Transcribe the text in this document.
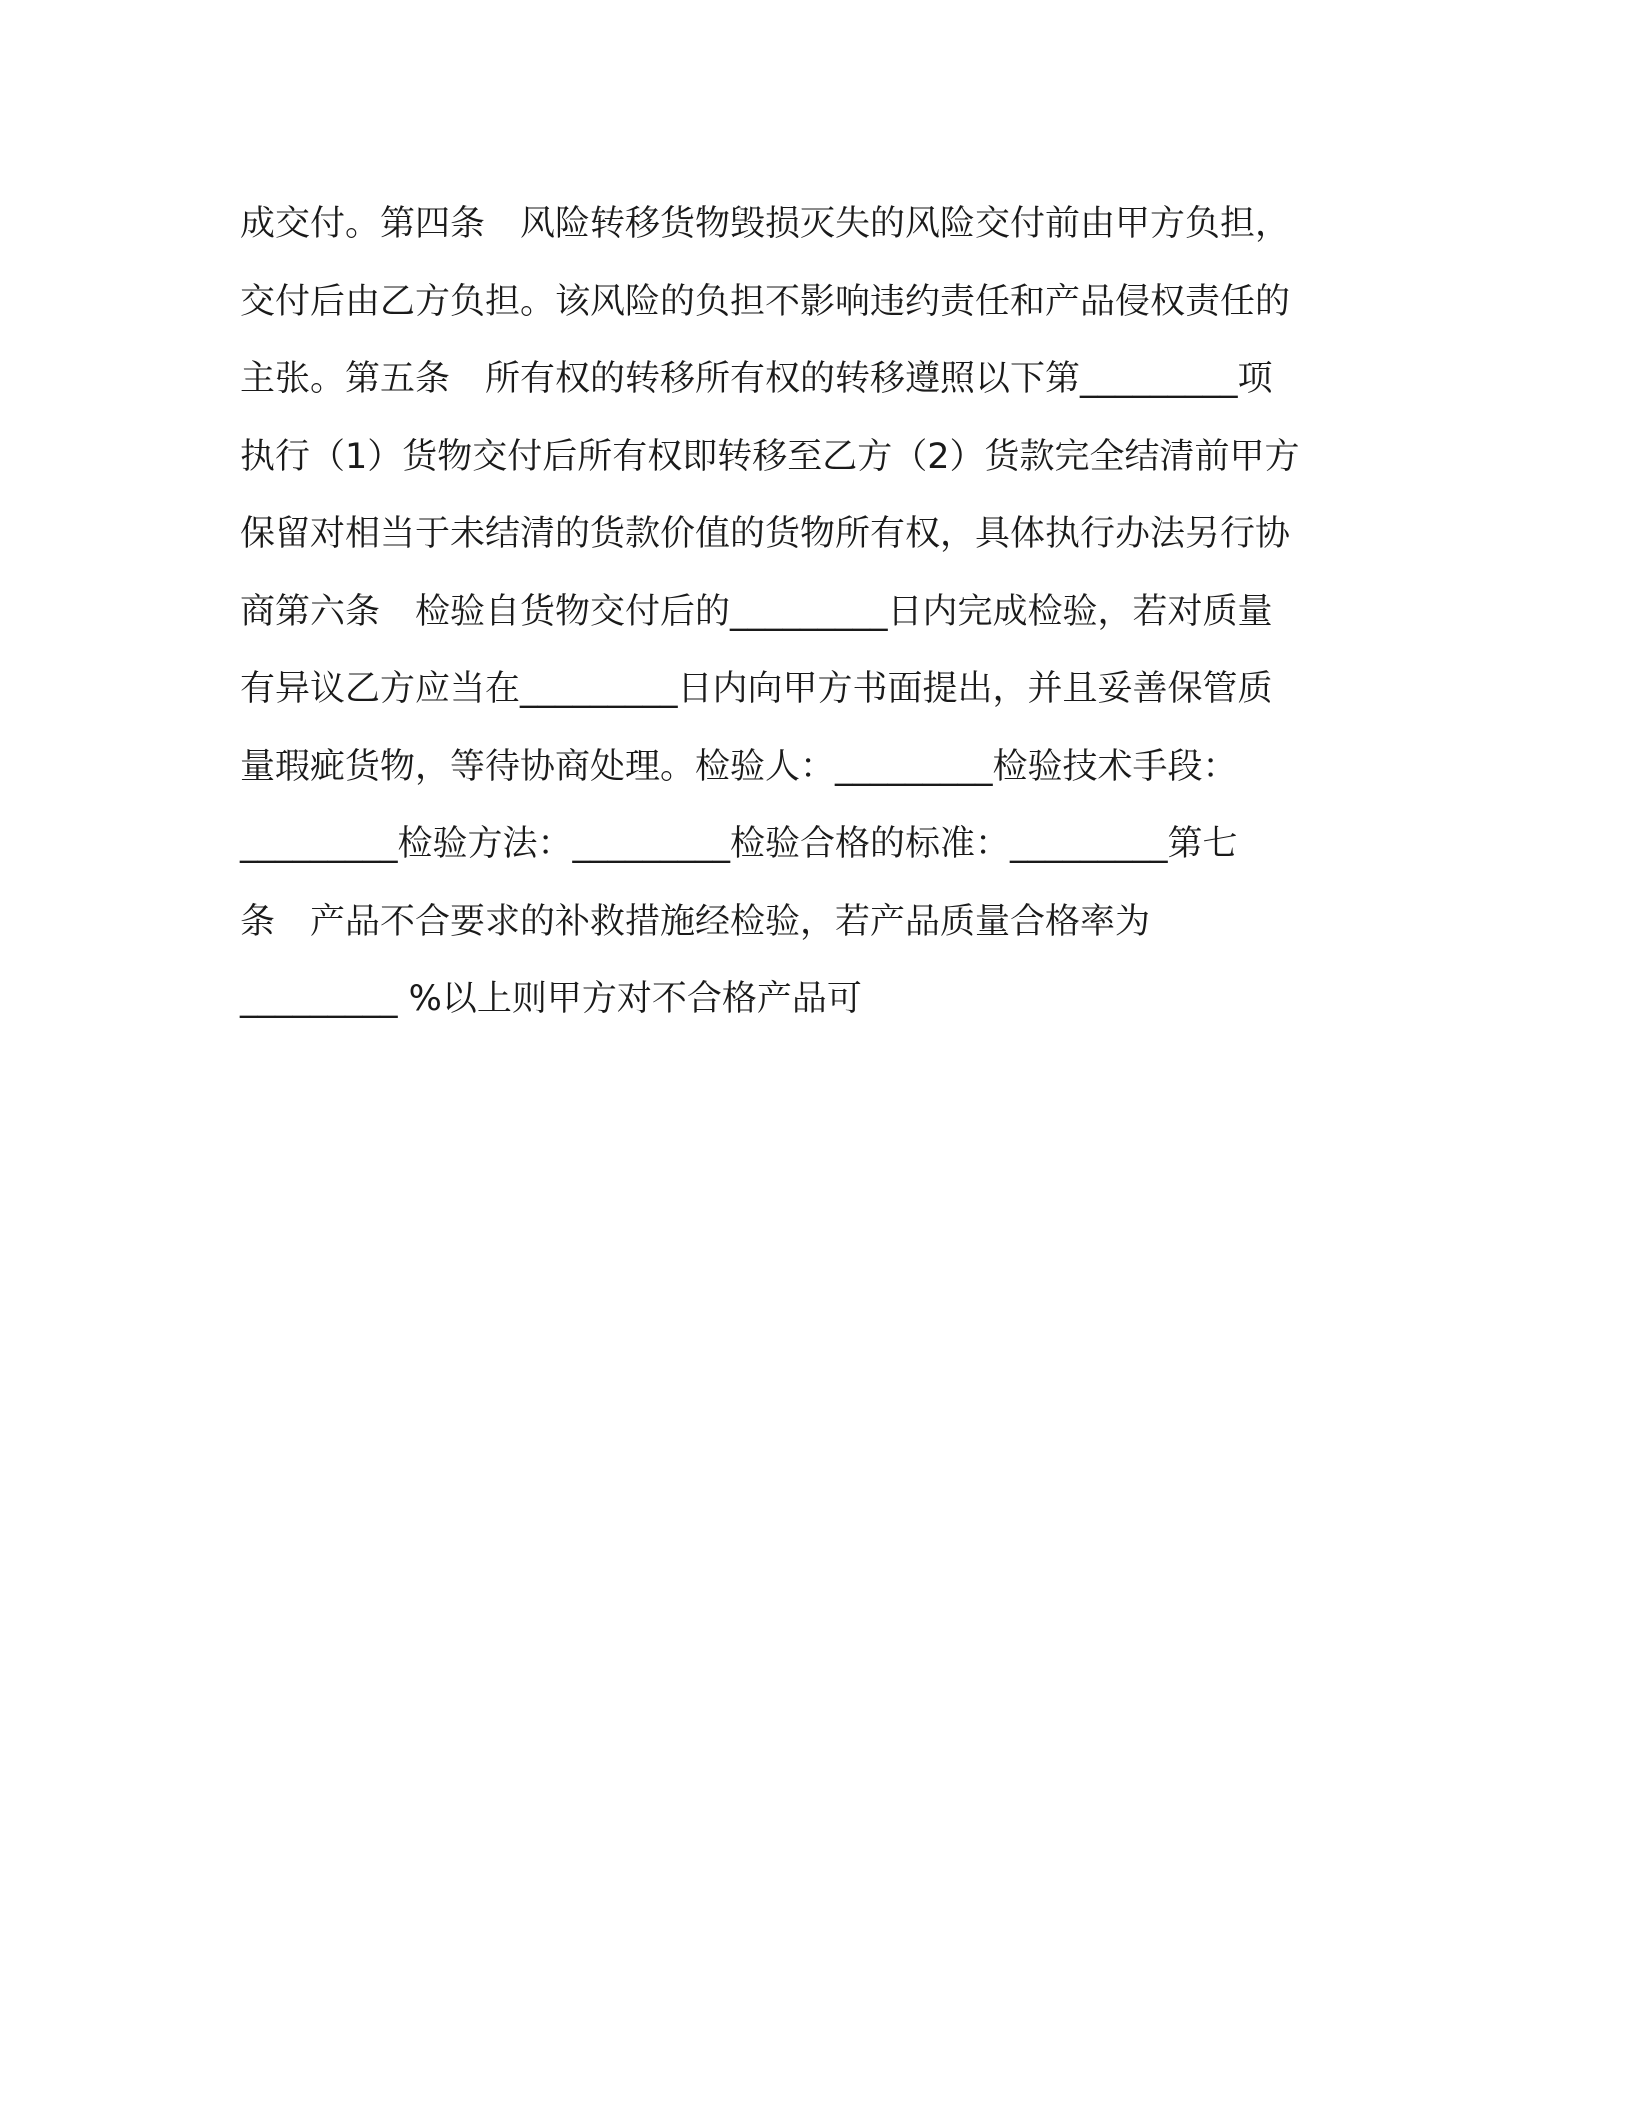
成交付。第四条　风险转移货物毁损灭失的风险交付前由甲方负担，
交付后由乙方负担。该风险的负担不影响违约责任和产品侵权责任的
主张。第五条　所有权的转移所有权的转移遵照以下第_________项
执行（1）货物交付后所有权即转移至乙方（2）货款完全结清前甲方
保留对相当于未结清的货款价值的货物所有权，具体执行办法另行协
商第六条　检验自货物交付后的_________日内完成检验，若对质量
有异议乙方应当在_________日内向甲方书面提出，并且妥善保管质
量瑕疵货物，等待协商处理。检验人：_________检验技术手段：
_________检验方法：_________检验合格的标准：_________第七
条　产品不合要求的补救措施经检验，若产品质量合格率为
_________ %以上则甲方对不合格产品可
